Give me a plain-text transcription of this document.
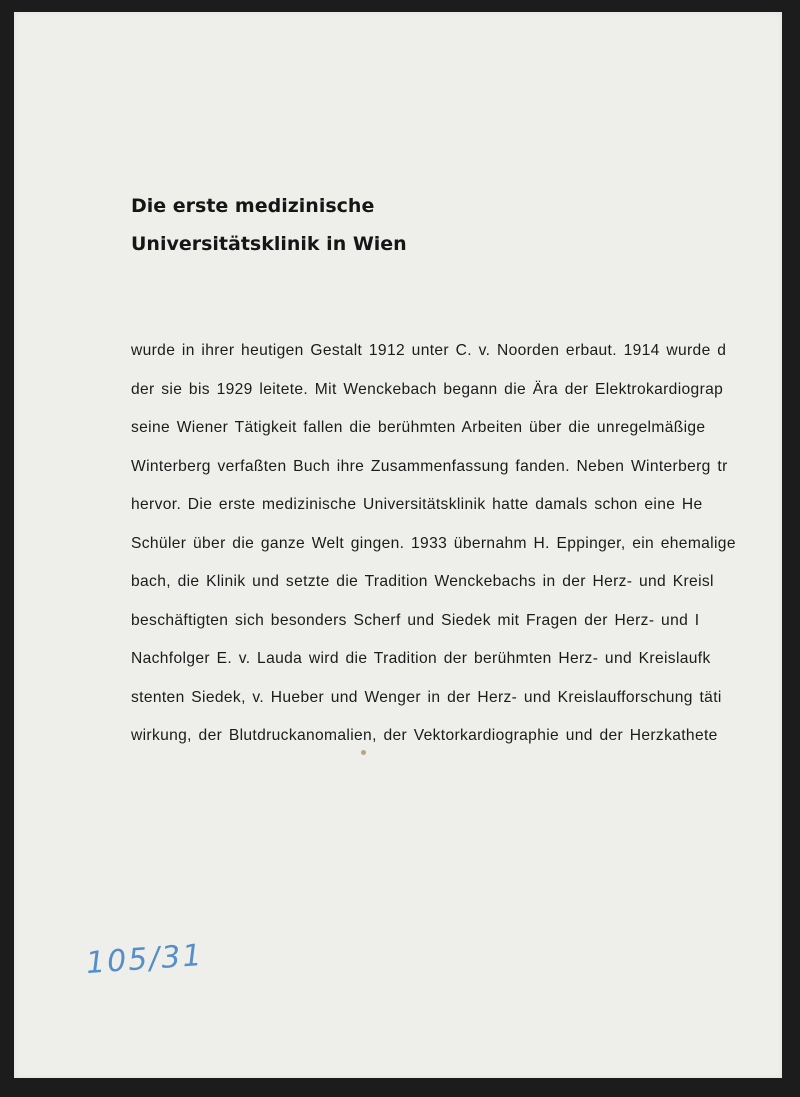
Die erste medizinische
Universitätsklinik in Wien
wurde in ihrer heutigen Gestalt 1912 unter C. v. Noorden erbaut. 1914 wurde d
der sie bis 1929 leitete. Mit Wenckebach begann die Ära der Elektrokardiograp
seine Wiener Tätigkeit fallen die berühmten Arbeiten über die unregelmäßige
Winterberg verfaßten Buch ihre Zusammenfassung fanden. Neben Winterberg tr
hervor. Die erste medizinische Universitätsklinik hatte damals schon eine He
Schüler über die ganze Welt gingen. 1933 übernahm H. Eppinger, ein ehemalige
bach, die Klinik und setzte die Tradition Wenckebachs in der Herz- und Kreisl
beschäftigten sich besonders Scherf und Siedek mit Fragen der Herz- und I
Nachfolger E. v. Lauda wird die Tradition der berühmten Herz- und Kreislaufk
stenten Siedek, v. Hueber und Wenger in der Herz- und Kreislaufforschung täti
wirkung, der Blutdruckanomalien, der Vektorkardiographie und der Herzkathete
105/31
